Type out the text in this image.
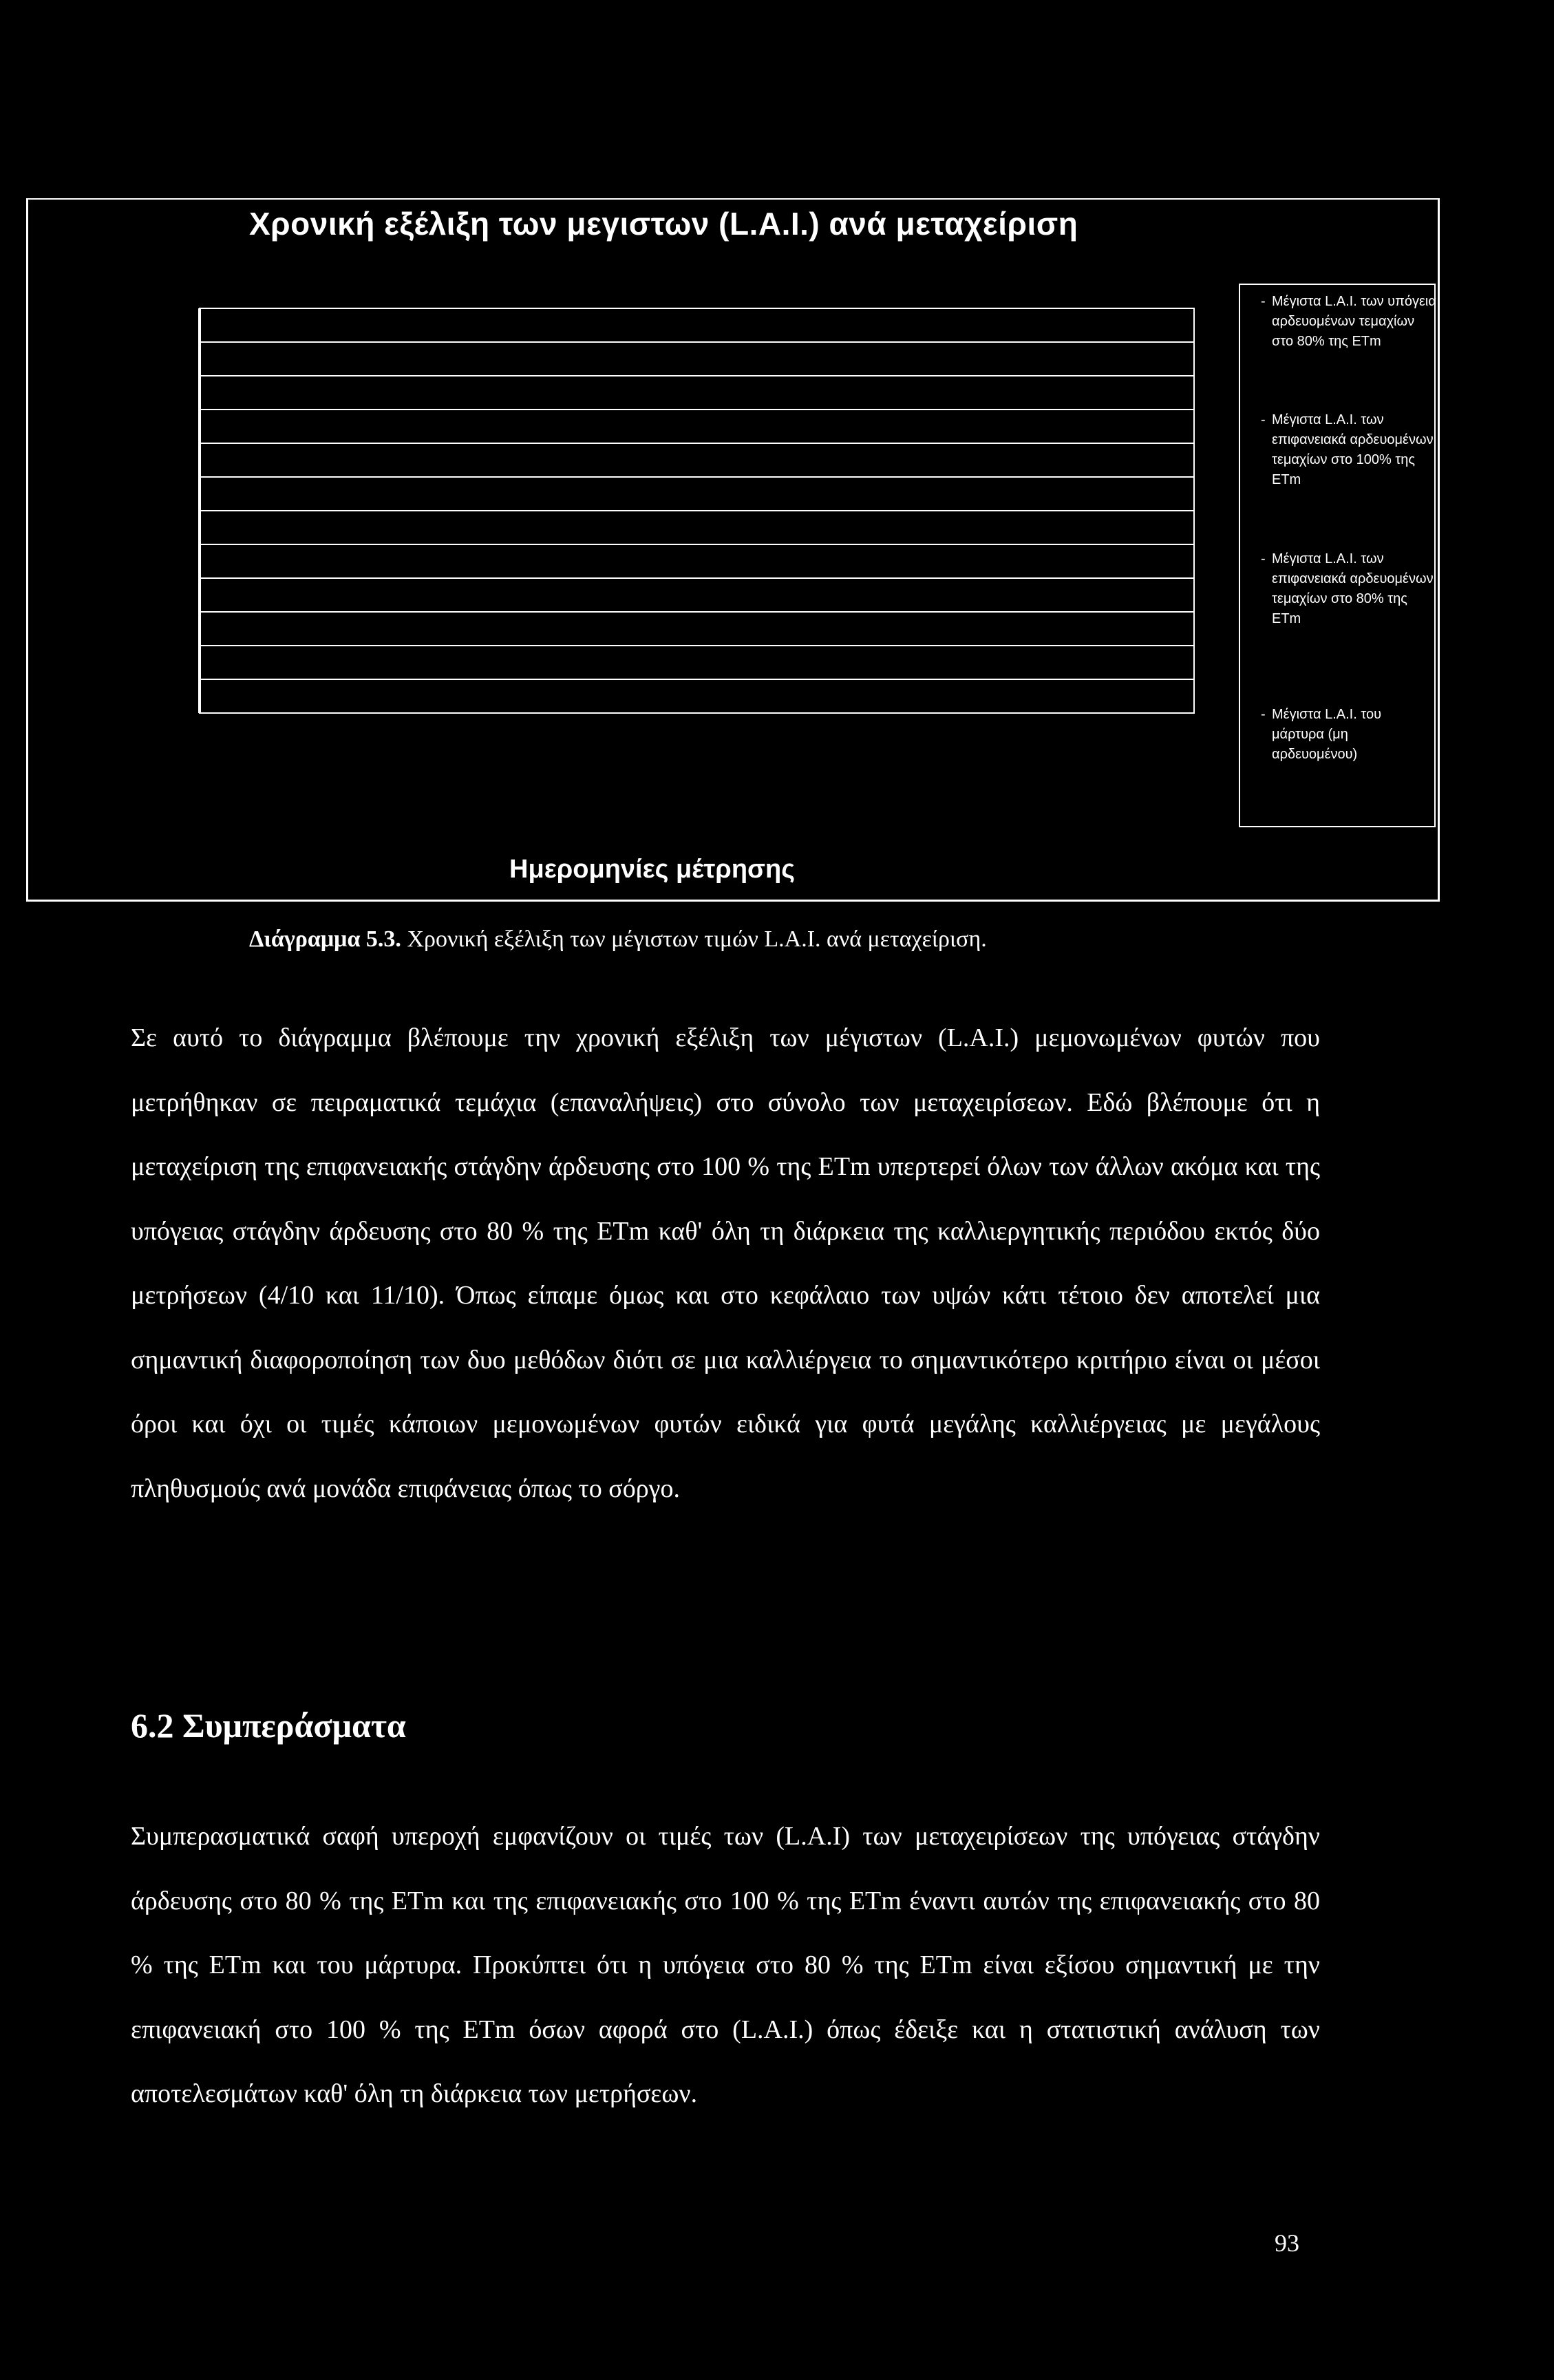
Χρονική εξέλιξη των μεγιστων (L.A.I.) ανά μεταχείριση
- Μέγιστα L.A.I. των υπόγεια αρδευομένων τεμαχίων στο 80% της ETm
- Μέγιστα L.A.I. των επιφανειακά αρδευομένων τεμαχίων στο 100% της ETm
- Μέγιστα L.A.I. των επιφανειακά αρδευομένων τεμαχίων στο 80% της ETm
- Μέγιστα L.A.I. του μάρτυρα (μη αρδευομένου)
Ημερομηνίες μέτρησης
Διάγραμμα 5.3. Χρονική εξέλιξη των μέγιστων τιμών L.A.I. ανά μεταχείριση.

Σε αυτό το διάγραμμα βλέπουμε την χρονική εξέλιξη των μέγιστων (L.A.I.) μεμονωμένων φυτών που μετρήθηκαν σε πειραματικά τεμάχια (επαναλήψεις) στο σύνολο των μεταχειρίσεων. Εδώ βλέπουμε ότι η μεταχείριση της επιφανειακής στάγδην άρδευσης στο 100 % της ETm υπερτερεί όλων των άλλων ακόμα και της υπόγειας στάγδην άρδευσης στο 80 % της ETm καθ' όλη τη διάρκεια της καλλιεργητικής περιόδου εκτός δύο μετρήσεων (4/10 και 11/10). Όπως είπαμε όμως και στο κεφάλαιο των υψών κάτι τέτοιο δεν αποτελεί μια σημαντική διαφοροποίηση των δυο μεθόδων διότι σε μια καλλιέργεια το σημαντικότερο κριτήριο είναι οι μέσοι όροι και όχι οι τιμές κάποιων μεμονωμένων φυτών ειδικά για φυτά μεγάλης καλλιέργειας με μεγάλους πληθυσμούς ανά μονάδα επιφάνειας όπως το σόργο.

6.2 Συμπεράσματα

Συμπερασματικά σαφή υπεροχή εμφανίζουν οι τιμές των (L.A.I) των μεταχειρίσεων της υπόγειας στάγδην άρδευσης στο 80 % της ETm και της επιφανειακής στο 100 % της ETm έναντι αυτών της επιφανειακής στο 80 % της ETm και του μάρτυρα. Προκύπτει ότι η υπόγεια στο 80 % της ETm είναι εξίσου σημαντική με την επιφανειακή στο 100 % της ETm όσων αφορά στο (L.A.I.) όπως έδειξε και η στατιστική ανάλυση των αποτελεσμάτων καθ' όλη τη διάρκεια των μετρήσεων.

93
